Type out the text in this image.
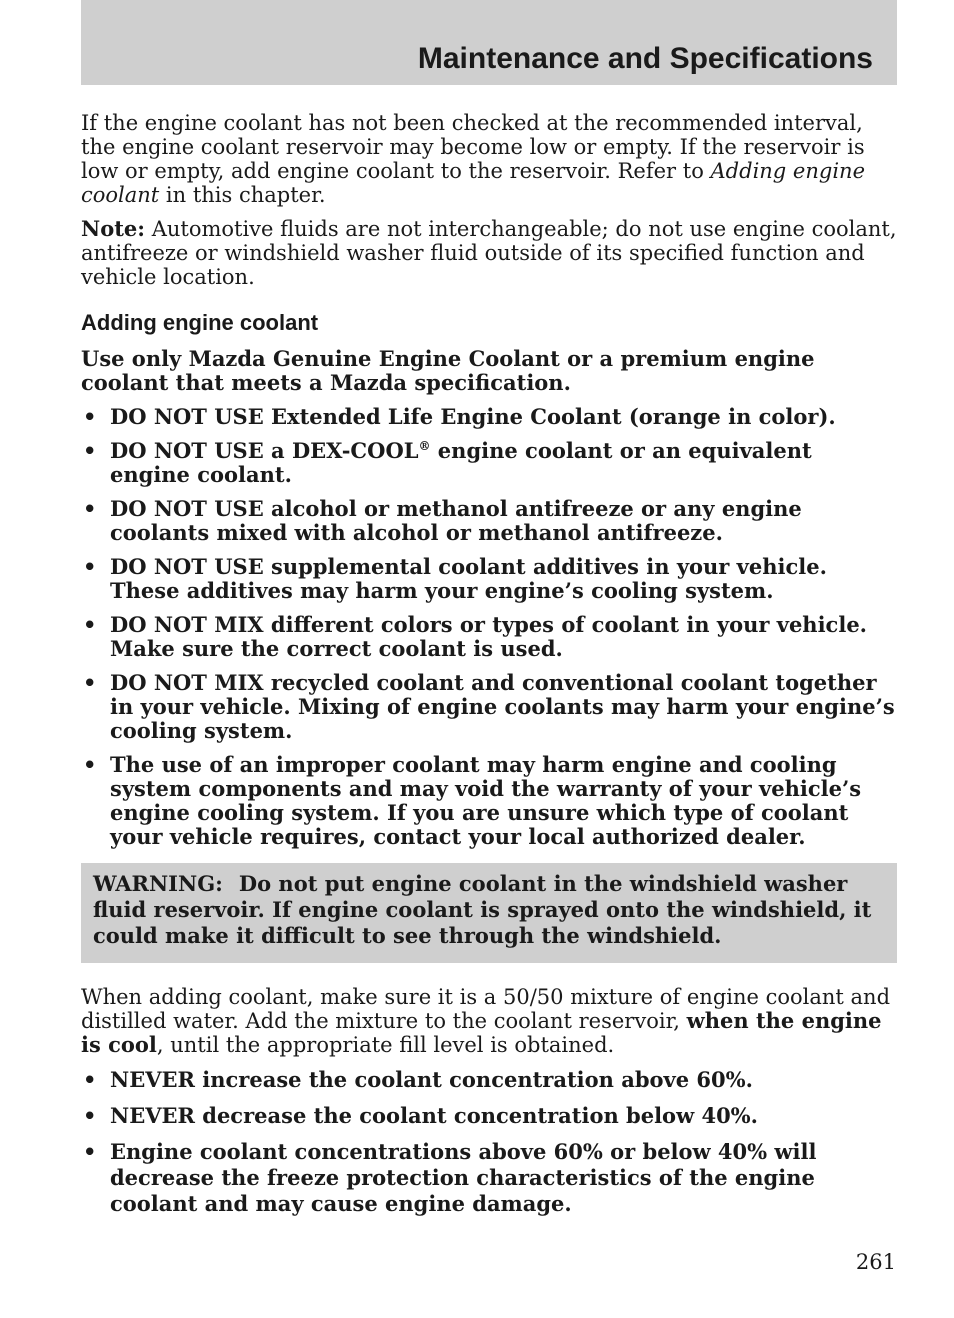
Maintenance and Specifications

If the engine coolant has not been checked at the recommended interval, the engine coolant reservoir may become low or empty. If the reservoir is low or empty, add engine coolant to the reservoir. Refer to Adding engine coolant in this chapter.

Note: Automotive fluids are not interchangeable; do not use engine coolant, antifreeze or windshield washer fluid outside of its specified function and vehicle location.

Adding engine coolant

Use only Mazda Genuine Engine Coolant or a premium engine coolant that meets a Mazda specification.

• DO NOT USE Extended Life Engine Coolant (orange in color).
• DO NOT USE a DEX-COOL® engine coolant or an equivalent engine coolant.
• DO NOT USE alcohol or methanol antifreeze or any engine coolants mixed with alcohol or methanol antifreeze.
• DO NOT USE supplemental coolant additives in your vehicle. These additives may harm your engine’s cooling system.
• DO NOT MIX different colors or types of coolant in your vehicle. Make sure the correct coolant is used.
• DO NOT MIX recycled coolant and conventional coolant together in your vehicle. Mixing of engine coolants may harm your engine’s cooling system.
• The use of an improper coolant may harm engine and cooling system components and may void the warranty of your vehicle’s engine cooling system. If you are unsure which type of coolant your vehicle requires, contact your local authorized dealer.
WARNING: Do not put engine coolant in the windshield washer fluid reservoir. If engine coolant is sprayed onto the windshield, it could make it difficult to see through the windshield.

When adding coolant, make sure it is a 50/50 mixture of engine coolant and distilled water. Add the mixture to the coolant reservoir, when the engine is cool, until the appropriate fill level is obtained.

• NEVER increase the coolant concentration above 60%.
• NEVER decrease the coolant concentration below 40%.
• Engine coolant concentrations above 60% or below 40% will decrease the freeze protection characteristics of the engine coolant and may cause engine damage.
261
